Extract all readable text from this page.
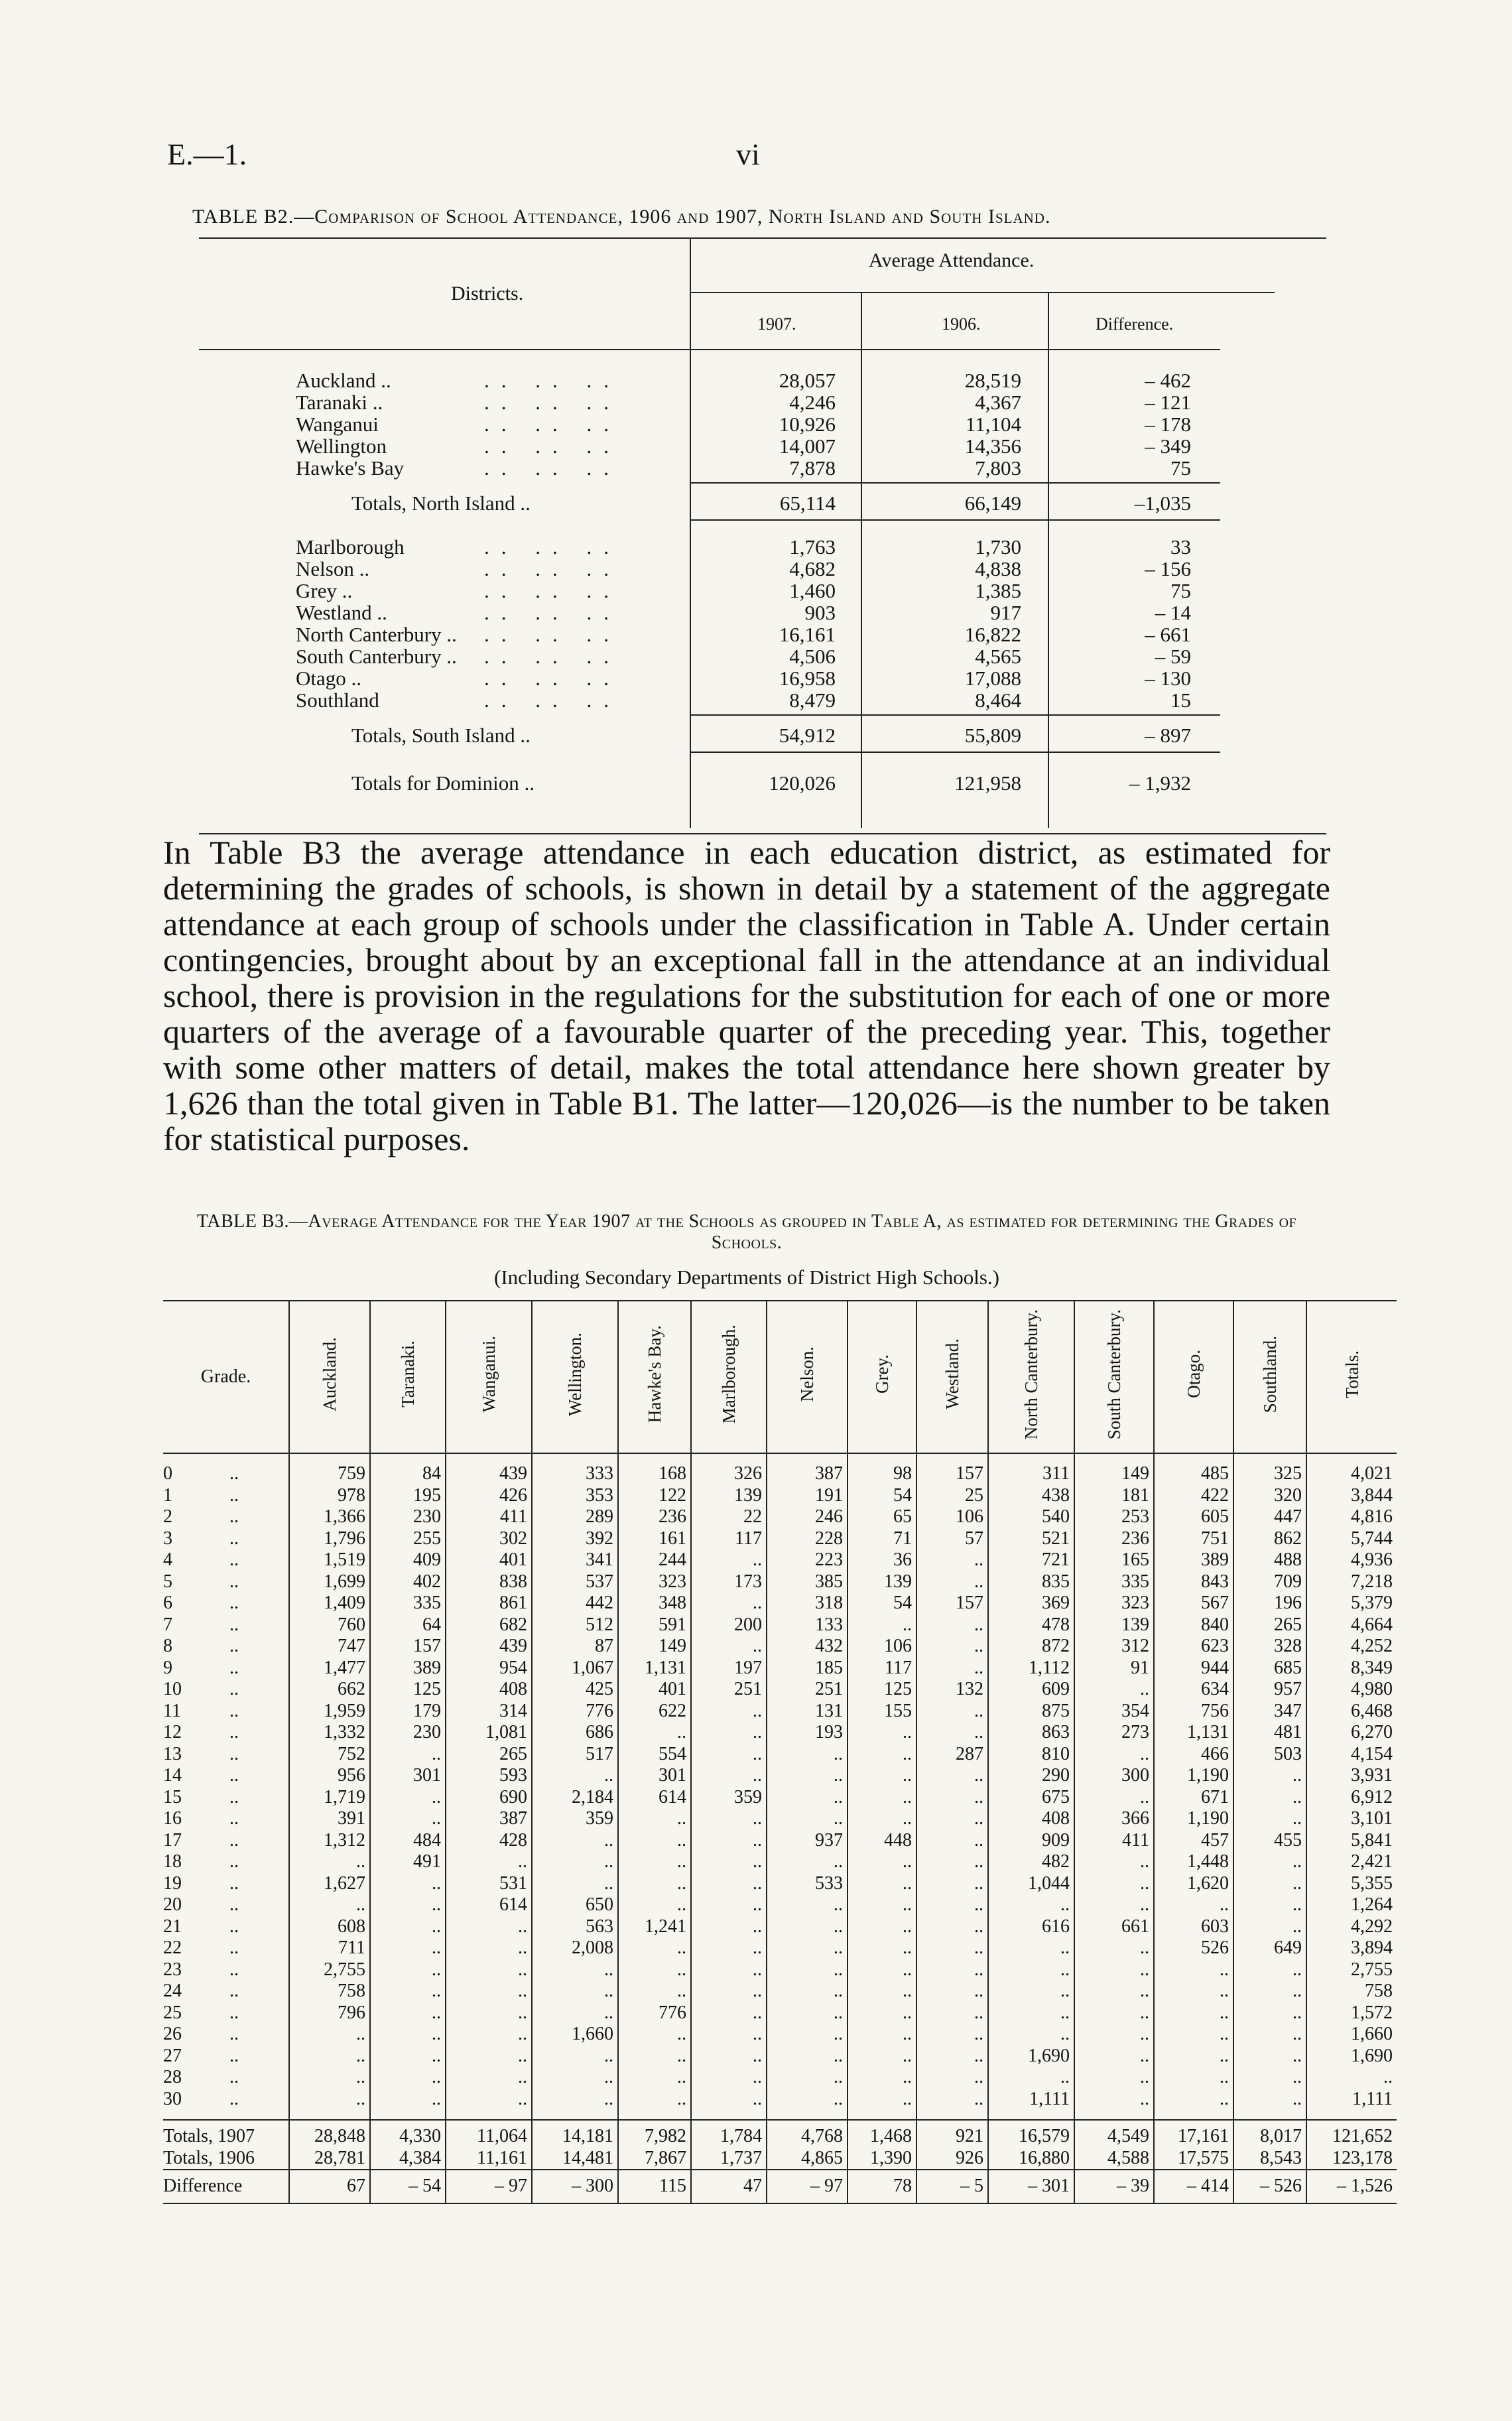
E.—1.	vi
TABLE B2.—Comparison of School Attendance, 1906 and 1907, North Island and South Island.
Districts.
Average Attendance.
1907.	1906.	Difference.
Auckland ..	.. .. ..	28,057	28,519	– 462
Taranaki ..	.. .. ..	4,246	4,367	– 121
Wanganui	.. .. ..	10,926	11,104	– 178
Wellington	.. .. ..	14,007	14,356	– 349
Hawke's Bay	.. .. ..	7,878	7,803	75
Totals, North Island ..	65,114	66,149	–1,035
Marlborough	.. .. ..	1,763	1,730	33
Nelson ..	.. .. ..	4,682	4,838	– 156
Grey ..	.. .. ..	1,460	1,385	75
Westland ..	.. .. ..	903	917	– 14
North Canterbury .. .. .. ..	16,161	16,822	– 661
South Canterbury .. .. .. ..	4,506	4,565	– 59
Otago ..	.. .. ..	16,958	17,088	– 130
Southland	.. .. ..	8,479	8,464	15
Totals, South Island ..	54,912	55,809	– 897
Totals for Dominion ..	120,026	121,958	– 1,932
In Table B3 the average attendance in each education district, as estimated for determining the grades of schools, is shown in detail by a statement of the aggregate attendance at each group of schools under the classification in Table A. Under certain contingencies, brought about by an exceptional fall in the attendance at an individual school, there is provision in the regulations for the substitution for each of one or more quarters of the average of a favourable quarter of the preceding year. This, together with some other matters of detail, makes the total attendance here shown greater by 1,626 than the total given in Table B1. The latter—120,026—is the number to be taken for statistical purposes.
TABLE B3.—Average Attendance for the Year 1907 at the Schools as grouped in Table A, as estimated for determining the Grades of Schools.
(Including Secondary Departments of District High Schools.)
Grade.	Auckland.	Taranaki.	Wanganui.	Wellington.	Hawke's Bay.	Marlborough.	Nelson.	Grey.	Westland.	North Canterbury.	South Canterbury.	Otago.	Southland.	Totals.
0 ..	759	84	439	333	168	326	387	98	157	311	149	485	325	4,021
1 ..	978	195	426	353	122	139	191	54	25	438	181	422	320	3,844
2 ..	1,366	230	411	289	236	22	246	65	106	540	253	605	447	4,816
3 ..	1,796	255	302	392	161	117	228	71	57	521	236	751	862	5,744
4 ..	1,519	409	401	341	244	..	223	36	..	721	165	389	488	4,936
5 ..	1,699	402	838	537	323	173	385	139	..	835	335	843	709	7,218
6 ..	1,409	335	861	442	348	..	318	54	157	369	323	567	196	5,379
7 ..	760	64	682	512	591	200	133	..	..	478	139	840	265	4,664
8 ..	747	157	439	87	149	..	432	106	..	872	312	623	328	4,252
9 ..	1,477	389	954	1,067	1,131	197	185	117	..	1,112	91	944	685	8,349
10 ..	662	125	408	425	401	251	251	125	132	609	..	634	957	4,980
11 ..	1,959	179	314	776	622	..	131	155	..	875	354	756	347	6,468
12 ..	1,332	230	1,081	686	..	..	193	..	..	863	273	1,131	481	6,270
13 ..	752	..	265	517	554	..	..	..	287	810	..	466	503	4,154
14 ..	956	301	593	..	301	..	..	..	..	290	300	1,190	..	3,931
15 ..	1,719	..	690	2,184	614	359	..	..	..	675	..	671	..	6,912
16 ..	391	..	387	359	..	..	..	..	..	408	366	1,190	..	3,101
17 ..	1,312	484	428	..	..	..	937	448	..	909	411	457	455	5,841
18 ..	..	491	..	..	..	..	..	..	..	482	..	1,448	..	2,421
19 ..	1,627	..	531	..	..	..	533	..	..	1,044	..	1,620	..	5,355
20 ..	..	..	614	650	..	..	..	..	..	..	..	..	..	1,264
21 ..	608	..	..	563	1,241	..	..	..	..	616	661	603	..	4,292
22 ..	711	..	..	2,008	..	..	..	..	..	..	..	526	649	3,894
23 ..	2,755	..	..	..	..	..	..	..	..	..	..	..	..	2,755
24 ..	758	..	..	..	..	..	..	..	..	..	..	..	..	758
25 ..	796	..	..	..	776	..	..	..	..	..	..	..	..	1,572
26 ..	..	..	..	1,660	..	..	..	..	..	..	..	..	..	1,660
27 ..	..	..	..	..	..	..	..	..	..	1,690	..	..	..	1,690
28 ..	..	..	..	..	..	..	..	..	..	..	..	..	..	..
30 ..	..	..	..	..	..	..	..	..	..	1,111	..	..	..	1,111
Totals, 1907	28,848	4,330	11,064	14,181	7,982	1,784	4,768	1,468	921	16,579	4,549	17,161	8,017	121,652
Totals, 1906	28,781	4,384	11,161	14,481	7,867	1,737	4,865	1,390	926	16,880	4,588	17,575	8,543	123,178
Difference	67	– 54	– 97	– 300	115	47	– 97	78	– 5	– 301	– 39	– 414	– 526	– 1,526
